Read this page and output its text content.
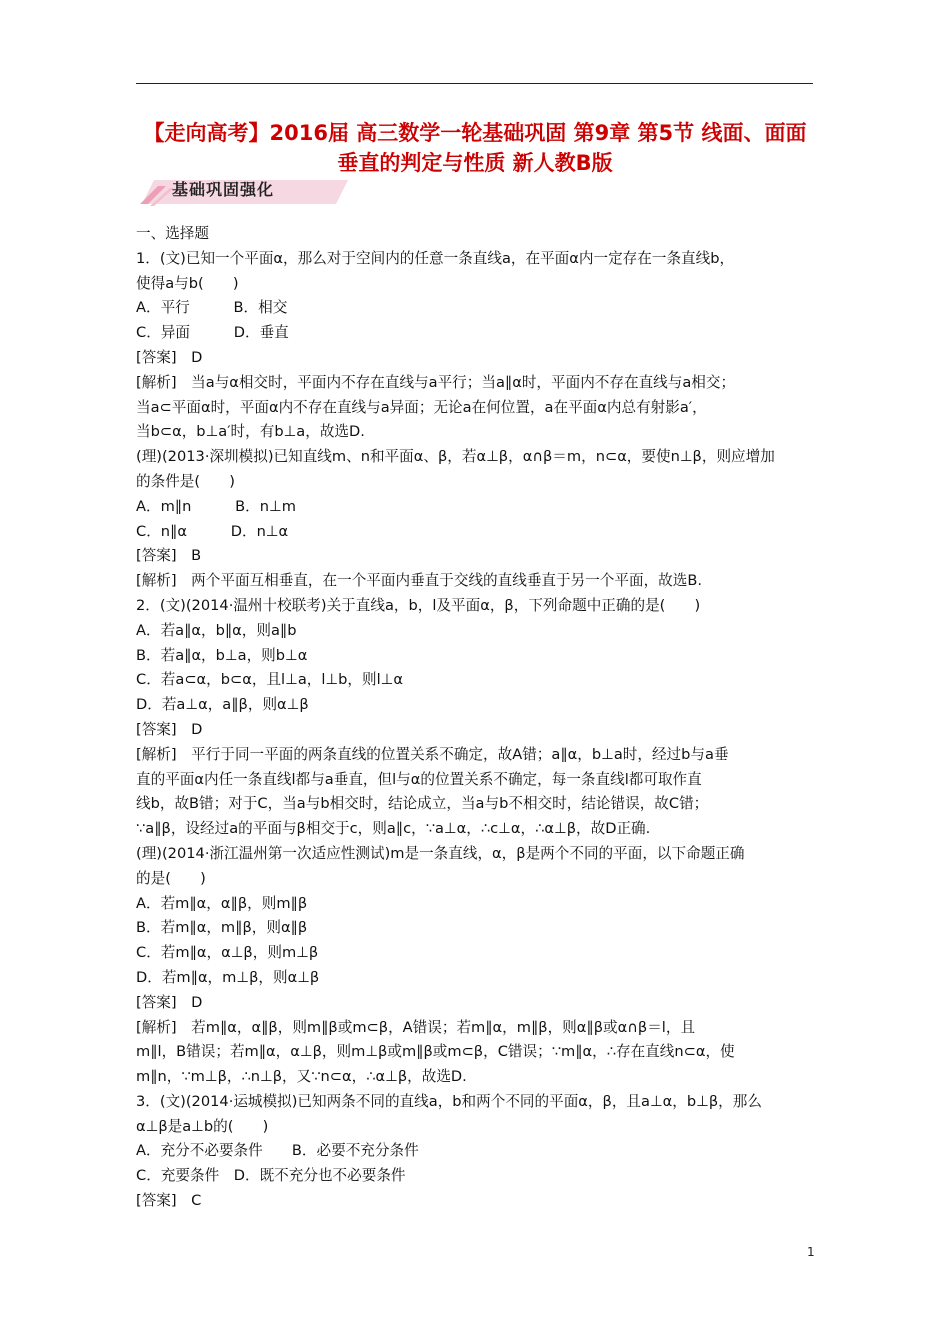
【走向高考】2016届 高三数学一轮基础巩固 第9章 第5节 线面、面面
垂直的判定与性质 新人教B版
基础巩固强化
一、选择题
1．(文)已知一个平面α，那么对于空间内的任意一条直线a，在平面α内一定存在一条直线b，
使得a与b(　　)
A．平行　　　B．相交
C．异面　　　D．垂直
[答案]　D
[解析]　当a与α相交时，平面内不存在直线与a平行；当a∥α时，平面内不存在直线与a相交；
当a⊂平面α时，平面α内不存在直线与a异面；无论a在何位置，a在平面α内总有射影a′，
当b⊂α，b⊥a′时，有b⊥a，故选D.
(理)(2013·深圳模拟)已知直线m、n和平面α、β，若α⊥β，α∩β＝m，n⊂α，要使n⊥β，则应增加
的条件是(　　)
A．m∥n　　　B．n⊥m
C．n∥α　　　D．n⊥α
[答案]　B
[解析]　两个平面互相垂直，在一个平面内垂直于交线的直线垂直于另一个平面，故选B.
2．(文)(2014·温州十校联考)关于直线a，b，l及平面α，β，下列命题中正确的是(　　)
A．若a∥α，b∥α，则a∥b
B．若a∥α，b⊥a，则b⊥α
C．若a⊂α，b⊂α，且l⊥a，l⊥b，则l⊥α
D．若a⊥α，a∥β，则α⊥β
[答案]　D
[解析]　平行于同一平面的两条直线的位置关系不确定，故A错；a∥α，b⊥a时，经过b与a垂
直的平面α内任一条直线l都与a垂直，但l与α的位置关系不确定，每一条直线l都可取作直
线b，故B错；对于C，当a与b相交时，结论成立，当a与b不相交时，结论错误，故C错；
∵a∥β，设经过a的平面与β相交于c，则a∥c，∵a⊥α，∴c⊥α，∴α⊥β，故D正确.
(理)(2014·浙江温州第一次适应性测试)m是一条直线，α，β是两个不同的平面，以下命题正确
的是(　　)
A．若m∥α，α∥β，则m∥β
B．若m∥α，m∥β，则α∥β
C．若m∥α，α⊥β，则m⊥β
D．若m∥α，m⊥β，则α⊥β
[答案]　D
[解析]　若m∥α，α∥β，则m∥β或m⊂β，A错误；若m∥α，m∥β，则α∥β或α∩β＝l，且
m∥l，B错误；若m∥α，α⊥β，则m⊥β或m∥β或m⊂β，C错误；∵m∥α，∴存在直线n⊂α，使
m∥n，∵m⊥β，∴n⊥β，又∵n⊂α，∴α⊥β，故选D.
3．(文)(2014·运城模拟)已知两条不同的直线a，b和两个不同的平面α，β，且a⊥α，b⊥β，那么
α⊥β是a⊥b的(　　)
A．充分不必要条件　　B．必要不充分条件
C．充要条件　D．既不充分也不必要条件
[答案]　C
1
